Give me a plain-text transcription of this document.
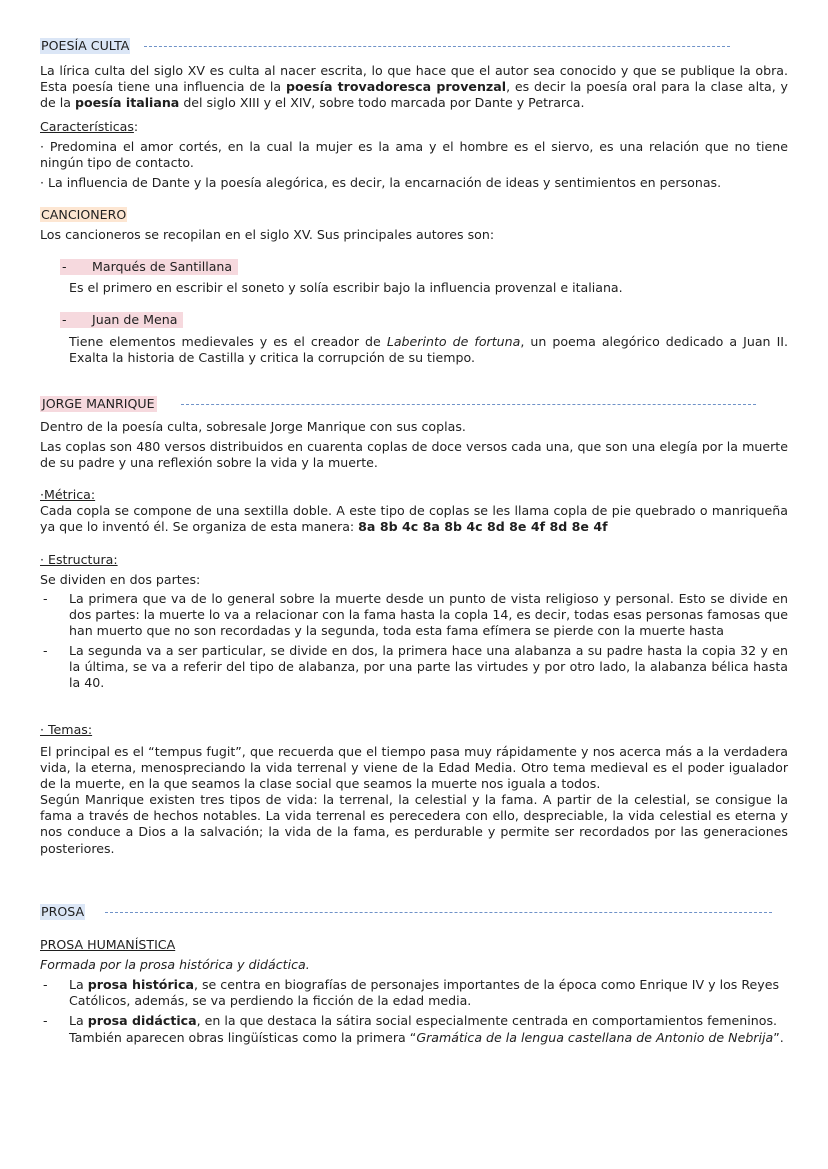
POESÍA CULTA

La lírica culta del siglo XV es culta al nacer escrita, lo que hace que el autor sea conocido y que se publique la obra. Esta poesía tiene una influencia de la poesía trovadoresca provenzal, es decir la poesía oral para la clase alta, y de la poesía italiana del siglo XIII y el XIV, sobre todo marcada por Dante y Petrarca.

Características:

· Predomina el amor cortés, en la cual la mujer es la ama y el hombre es el siervo, es una relación que no tiene ningún tipo de contacto.

· La influencia de Dante y la poesía alegórica, es decir, la encarnación de ideas y sentimientos en personas.

CANCIONERO

Los cancioneros se recopilan en el siglo XV. Sus principales autores son:

-	Marqués de Santillana

Es el primero en escribir el soneto y solía escribir bajo la influencia provenzal e italiana.

-	Juan de Mena

Tiene elementos medievales y es el creador de Laberinto de fortuna, un poema alegórico dedicado a Juan II. Exalta la historia de Castilla y critica la corrupción de su tiempo.

JORGE MANRIQUE

Dentro de la poesía culta, sobresale Jorge Manrique con sus coplas.

Las coplas son 480 versos distribuidos en cuarenta coplas de doce versos cada una, que son una elegía por la muerte de su padre y una reflexión sobre la vida y la muerte.

·Métrica:

Cada copla se compone de una sextilla doble. A este tipo de coplas se les llama copla de pie quebrado o manriqueña ya que lo inventó él. Se organiza de esta manera: 8a 8b 4c 8a 8b 4c 8d 8e 4f 8d 8e 4f

· Estructura:

Se dividen en dos partes:

- La primera que va de lo general sobre la muerte desde un punto de vista religioso y personal. Esto se divide en dos partes: la muerte lo va a relacionar con la fama hasta la copla 14, es decir, todas esas personas famosas que han muerto que no son recordadas y la segunda, toda esta fama efímera se pierde con la muerte hasta
- La segunda va a ser particular, se divide en dos, la primera hace una alabanza a su padre hasta la copia 32 y en la última, se va a referir del tipo de alabanza, por una parte las virtudes y por otro lado, la alabanza bélica hasta la 40.

· Temas:

El principal es el “tempus fugit”, que recuerda que el tiempo pasa muy rápidamente y nos acerca más a la verdadera vida, la eterna, menospreciando la vida terrenal y viene de la Edad Media. Otro tema medieval es el poder igualador de la muerte, en la que seamos la clase social que seamos la muerte nos iguala a todos.

Según Manrique existen tres tipos de vida: la terrenal, la celestial y la fama. A partir de la celestial, se consigue la fama a través de hechos notables. La vida terrenal es perecedera con ello, despreciable, la vida celestial es eterna y nos conduce a Dios a la salvación; la vida de la fama, es perdurable y permite ser recordados por las generaciones posteriores.

PROSA

PROSA HUMANÍSTICA

Formada por la prosa histórica y didáctica.

- La prosa histórica, se centra en biografías de personajes importantes de la época como Enrique IV y los Reyes Católicos, además, se va perdiendo la ficción de la edad media.
- La prosa didáctica, en la que destaca la sátira social especialmente centrada en comportamientos femeninos. También aparecen obras lingüísticas como la primera “Gramática de la lengua castellana de Antonio de Nebrija”.
